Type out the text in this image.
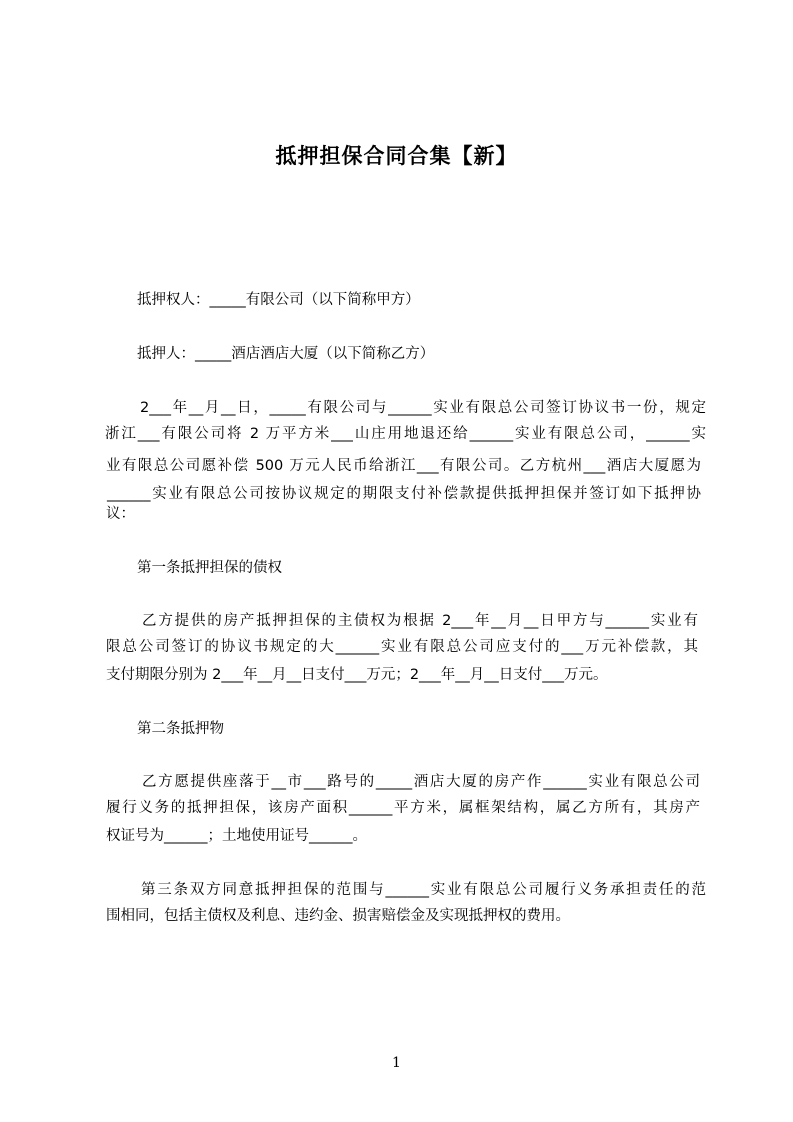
抵押担保合同合集【新】
抵押权人：_____有限公司（以下简称甲方）
抵押人：_____酒店酒店大厦（以下简称乙方）
2___年__月__日，_____有限公司与______实业有限总公司签订协议书一份，规定
浙江___有限公司将 2 万平方米___山庄用地退还给______实业有限总公司，______实
业有限总公司愿补偿 500 万元人民币给浙江___有限公司。乙方杭州___酒店大厦愿为
______实业有限总公司按协议规定的期限支付补偿款提供抵押担保并签订如下抵押协
议：
第一条抵押担保的债权
乙方提供的房产抵押担保的主债权为根据 2___年__月__日甲方与______实业有
限总公司签订的协议书规定的大______实业有限总公司应支付的___万元补偿款，其
支付期限分别为 2___年__月__日支付___万元；2___年__月__日支付___万元。
第二条抵押物
乙方愿提供座落于__市___路号的_____酒店大厦的房产作______实业有限总公司
履行义务的抵押担保，该房产面积______平方米，属框架结构，属乙方所有，其房产
权证号为______；土地使用证号______。
第三条双方同意抵押担保的范围与______实业有限总公司履行义务承担责任的范
围相同，包括主债权及利息、违约金、损害赔偿金及实现抵押权的费用。
1
